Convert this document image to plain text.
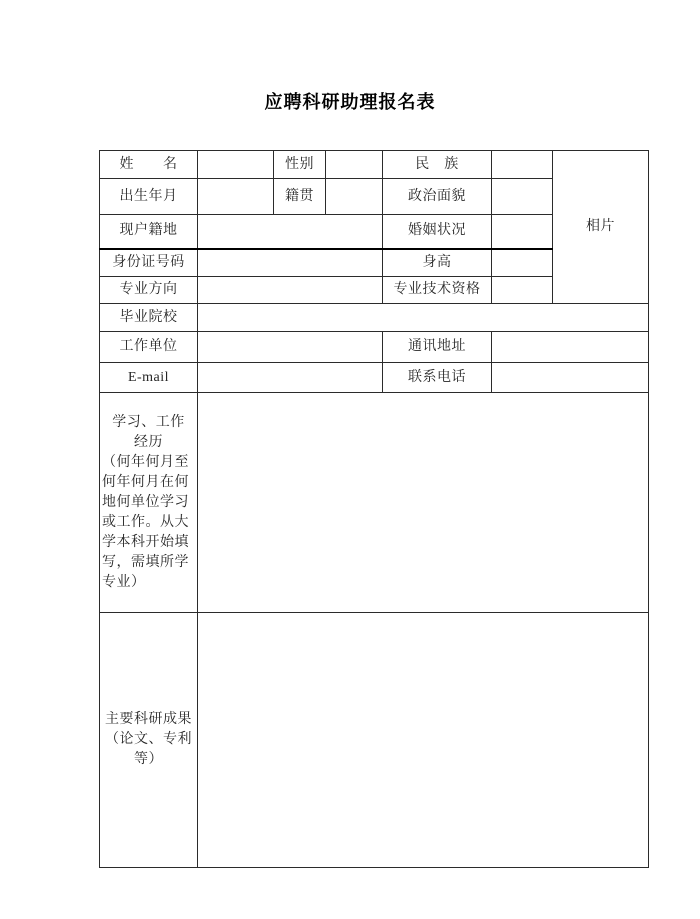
应聘科研助理报名表
姓　　名		性别		民　族		相片
出生年月		籍贯		政治面貌		
现户籍地				婚姻状况		
身份证号码				身高		
专业方向				专业技术资格		
毕业院校						
工作单位				通讯地址		
E-mail				联系电话		

学习、工作
经历
（何年何月至何年何月在何地何单位学习或工作。从大学本科开始填写，需填所学专业）						

主要科研成果（论文、专利等）						
